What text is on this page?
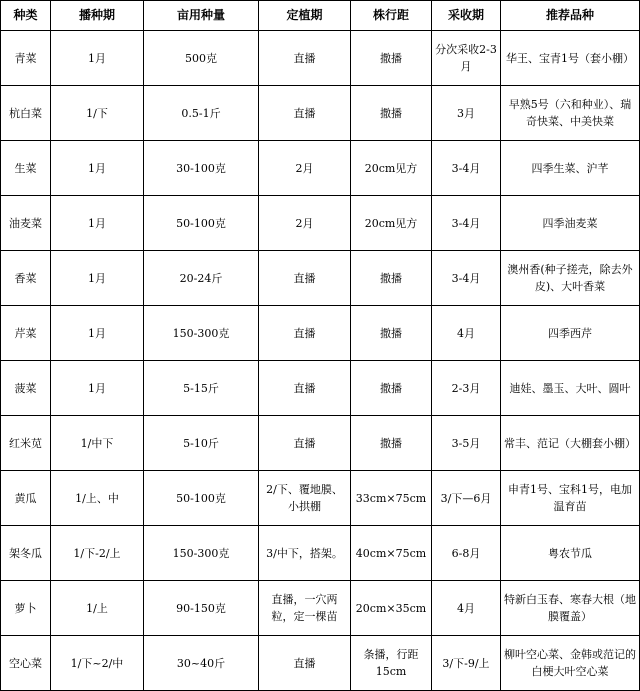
种类	播种期	亩用种量	定植期	株行距	采收期	推荐品种
青菜	1月	500克	直播	撒播	分次采收2-3月	华王、宝青1号（套小棚）
杭白菜	1/下	0.5-1斤	直播	撒播	3月	早熟5号（六和种业）、瑞奇快菜、中美快菜
生菜	1月	30-100克	2月	20cm见方	3-4月	四季生菜、沪芊
油麦菜	1月	50-100克	2月	20cm见方	3-4月	四季油麦菜
香菜	1月	20-24斤	直播	撒播	3-4月	澳州香(种子搓壳，除去外皮)、大叶香菜
芹菜	1月	150-300克	直播	撒播	4月	四季西芹
菠菜	1月	5-15斤	直播	撒播	2-3月	迪娃、墨玉、大叶、圆叶
红米苋	1/中下	5-10斤	直播	撒播	3-5月	常丰、范记（大棚套小棚）
黄瓜	1/上、中	50-100克	2/下、覆地膜、小拱棚	33cm×75cm	3/下—6月	申青1号、宝科1号，电加温育苗
架冬瓜	1/下-2/上	150-300克	3/中下，搭架。	40cm×75cm	6-8月	粤农节瓜
萝卜	1/上	90-150克	直播，一穴两粒，定一棵苗	20cm×35cm	4月	特新白玉春、寒春大根（地膜覆盖）
空心菜	1/下~2/中	30~40斤	直播	条播，行距15cm	3/下-9/上	柳叶空心菜、金韩或范记的白梗大叶空心菜
